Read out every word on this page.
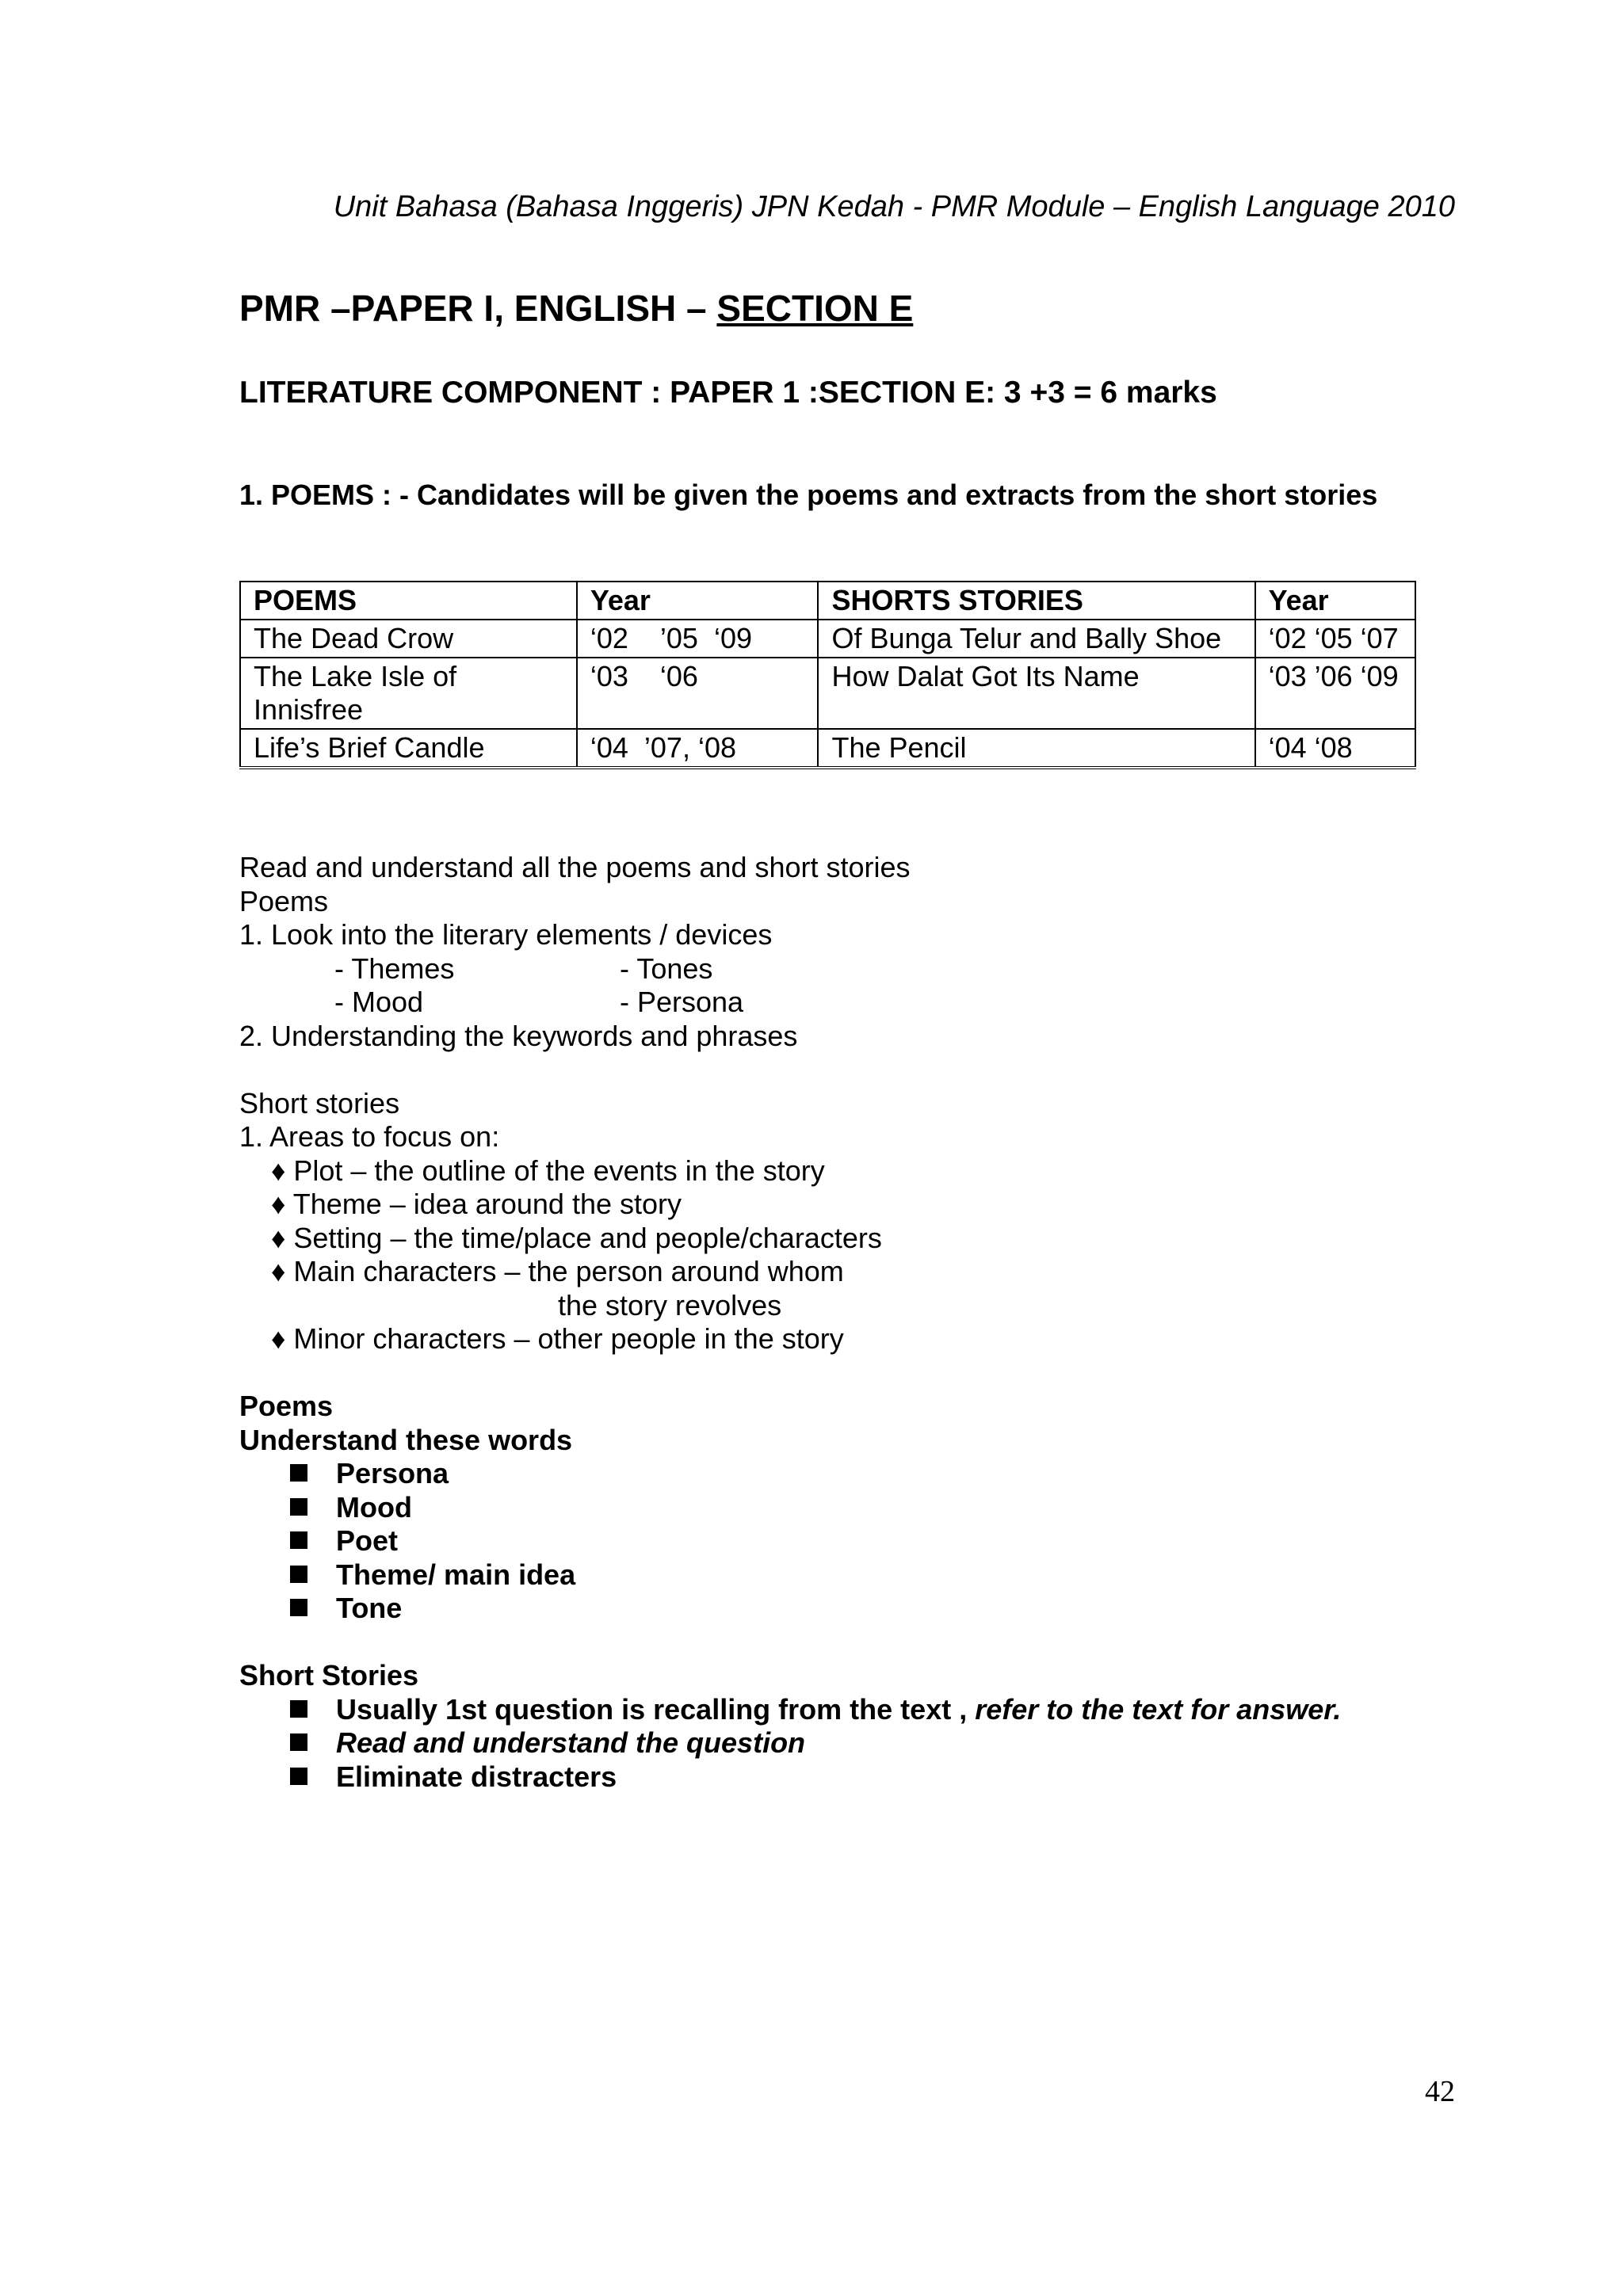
Unit Bahasa (Bahasa Inggeris) JPN Kedah - PMR Module – English Language 2010
PMR –PAPER I, ENGLISH – SECTION E
LITERATURE COMPONENT : PAPER 1 :SECTION E: 3 +3 = 6 marks
1. POEMS : - Candidates will be given the poems and extracts from the short stories
POEMS	Year	SHORTS STORIES	Year
The Dead Crow	‘02    ’05  ‘09	Of Bunga Telur and Bally Shoe	‘02 ‘05 ‘07
The Lake Isle of Innisfree	‘03    ‘06	How Dalat Got Its Name	‘03 ’06 ‘09
Life’s Brief Candle	‘04  ’07, ‘08	The Pencil	‘04 ‘08
Read and understand all the poems and short stories
Poems
1. Look into the literary elements / devices
- Themes	- Tones
- Mood	- Persona
2. Understanding the keywords and phrases
Short stories
1. Areas to focus on:
♦ Plot – the outline of the events in the story
♦ Theme – idea around the story
♦ Setting – the time/place and people/characters
♦ Main characters – the person around whom
the story revolves
♦ Minor characters – other people in the story
Poems
Understand these words
Persona
Mood
Poet
Theme/ main idea
Tone
Short Stories
Usually 1st question is recalling from the text , refer to the text for answer.
Read and understand the question
Eliminate distracters
42
